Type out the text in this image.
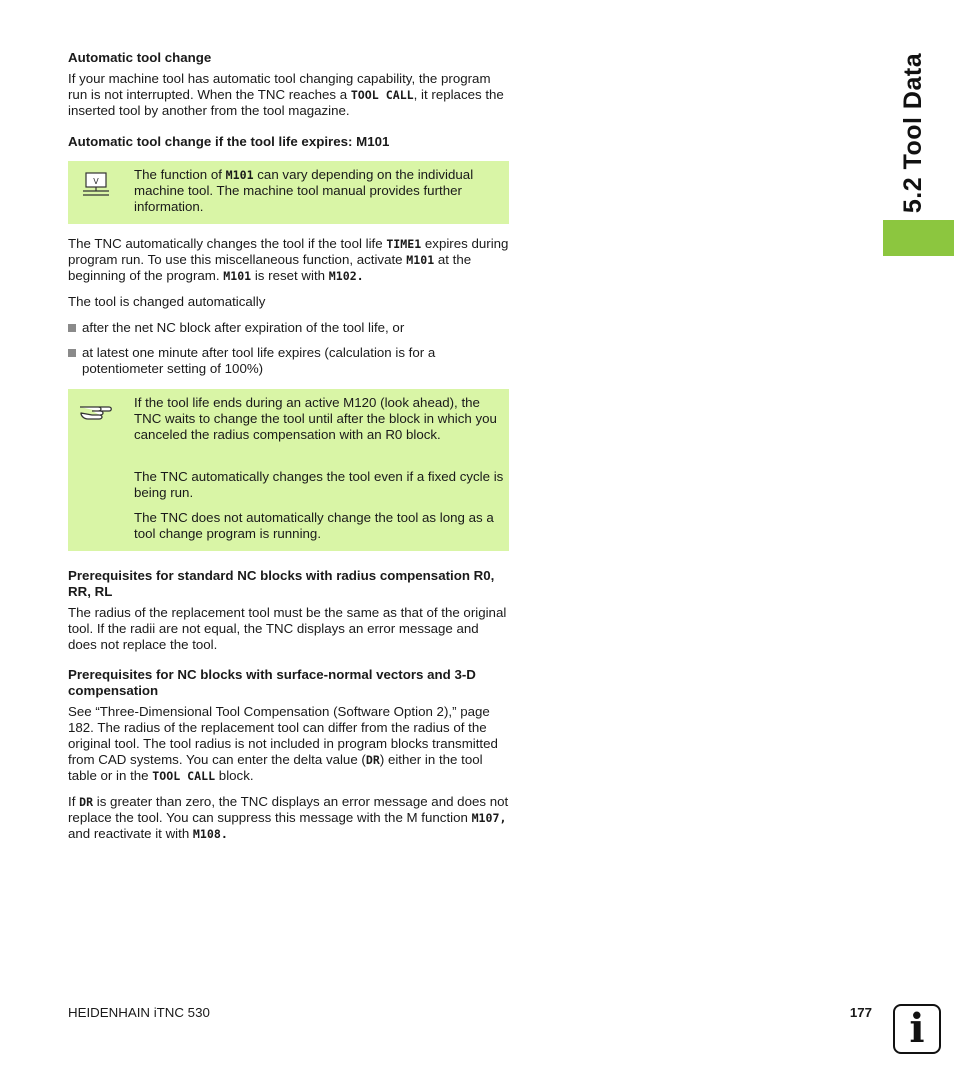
5.2 Tool Data
Automatic tool change

If your machine tool has automatic tool changing capability, the program run is not interrupted. When the TNC reaches a TOOL CALL, it replaces the inserted tool by another from the tool magazine.

Automatic tool change if the tool life expires: M101
V	The function of M101 can vary depending on the individual machine tool. The machine tool manual provides further information.

The TNC automatically changes the tool if the tool life TIME1 expires during program run. To use this miscellaneous function, activate M101 at the beginning of the program. M101 is reset with M102.

The tool is changed automatically

after the net NC block after expiration of the tool life, or
at latest one minute after tool life expires (calculation is for a potentiometer setting of 100%)

If the tool life ends during an active M120 (look ahead), the TNC waits to change the tool until after the block in which you canceled the radius compensation with an R0 block.

The TNC automatically changes the tool even if a fixed cycle is being run.

The TNC does not automatically change the tool as long as a tool change program is running.

Prerequisites for standard NC blocks with radius compensation R0, RR, RL

The radius of the replacement tool must be the same as that of the original tool. If the radii are not equal, the TNC displays an error message and does not replace the tool.

Prerequisites for NC blocks with surface-normal vectors and 3-D compensation

See “Three-Dimensional Tool Compensation (Software Option 2),” page 182. The radius of the replacement tool can differ from the radius of the original tool. The tool radius is not included in program blocks transmitted from CAD systems. You can enter the delta value (DR) either in the tool table or in the TOOL CALL block.

If DR is greater than zero, the TNC displays an error message and does not replace the tool. You can suppress this message with the M function M107, and reactivate it with M108.

HEIDENHAIN iTNC 530	177 i
